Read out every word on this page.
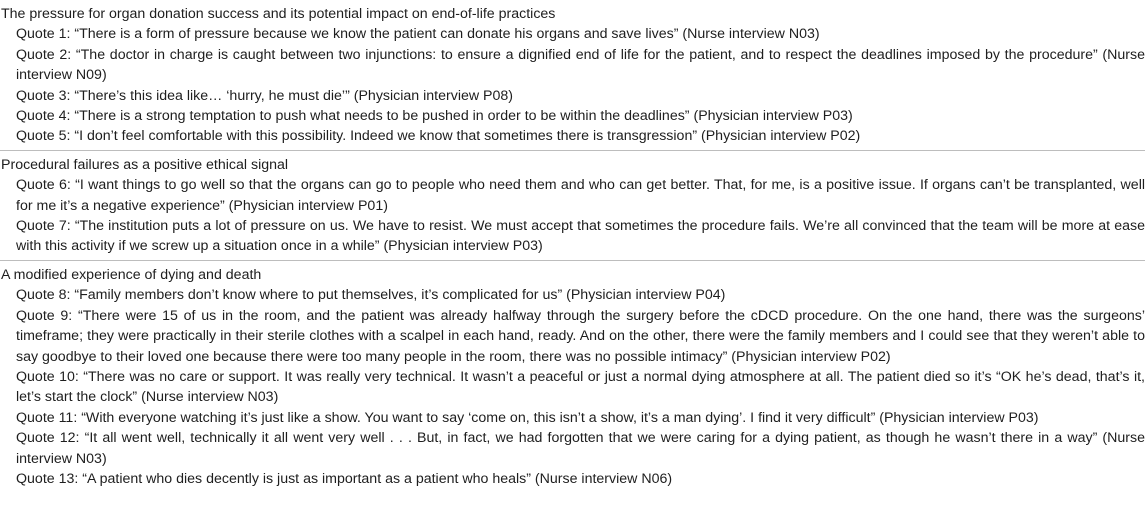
The pressure for organ donation success and its potential impact on end-of-life practices
Quote 1: “There is a form of pressure because we know the patient can donate his organs and save lives” (Nurse interview N03)
Quote 2: “The doctor in charge is caught between two injunctions: to ensure a dignified end of life for the patient, and to respect the deadlines imposed by the procedure” (Nurse interview N09)
Quote 3: “There’s this idea like… ‘hurry, he must die’” (Physician interview P08)
Quote 4: “There is a strong temptation to push what needs to be pushed in order to be within the deadlines” (Physician interview P03)
Quote 5: “I don’t feel comfortable with this possibility. Indeed we know that sometimes there is transgression” (Physician interview P02)
Procedural failures as a positive ethical signal
Quote 6: “I want things to go well so that the organs can go to people who need them and who can get better. That, for me, is a positive issue. If organs can’t be transplanted, well for me it’s a negative experience” (Physician interview P01)
Quote 7: “The institution puts a lot of pressure on us. We have to resist. We must accept that sometimes the procedure fails. We’re all convinced that the team will be more at ease with this activity if we screw up a situation once in a while” (Physician interview P03)
A modified experience of dying and death
Quote 8: “Family members don’t know where to put themselves, it’s complicated for us” (Physician interview P04)
Quote 9: “There were 15 of us in the room, and the patient was already halfway through the surgery before the cDCD procedure. On the one hand, there was the surgeons’ timeframe; they were practically in their sterile clothes with a scalpel in each hand, ready. And on the other, there were the family members and I could see that they weren’t able to say goodbye to their loved one because there were too many people in the room, there was no possible intimacy” (Physician interview P02)
Quote 10: “There was no care or support. It was really very technical. It wasn’t a peaceful or just a normal dying atmosphere at all. The patient died so it’s “OK he’s dead, that’s it, let’s start the clock” (Nurse interview N03)
Quote 11: “With everyone watching it’s just like a show. You want to say ‘come on, this isn’t a show, it’s a man dying’. I find it very difficult” (Physician interview P03)
Quote 12: “It all went well, technically it all went very well . . . But, in fact, we had forgotten that we were caring for a dying patient, as though he wasn’t there in a way” (Nurse interview N03)
Quote 13: “A patient who dies decently is just as important as a patient who heals” (Nurse interview N06)
